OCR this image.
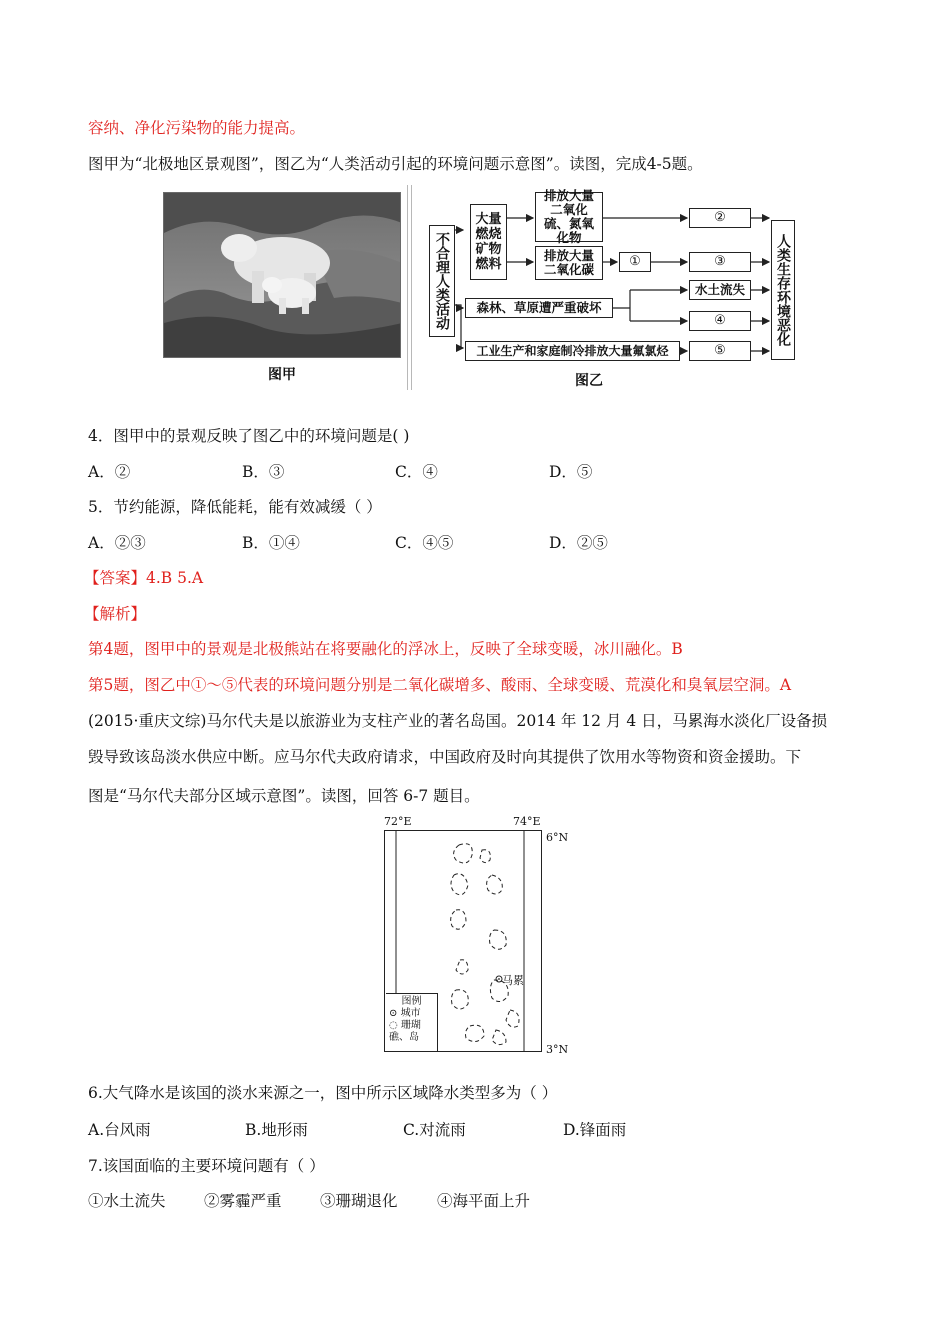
容纳、净化污染物的能力提高。
图甲为“北极地区景观图”，图乙为“人类活动引起的环境问题示意图”。读图，完成4-5题。
图甲
不合理人类活动
大量燃烧矿物燃料
排放大量二氧化硫、氮氧化物
排放大量二氧化碳
森林、草原遭严重破坏
工业生产和家庭制冷排放大量氟氯烃
①
②
③
水土流失
④
⑤
人类生存环境恶化
图乙
4．图甲中的景观反映了图乙中的环境问题是( )
A．②	B．③	C．④	D．⑤
5．节约能源，降低能耗，能有效减缓（ ）
A．②③	B．①④	C．④⑤	D．②⑤
【答案】4.B 5.A
【解析】
第4题，图甲中的景观是北极熊站在将要融化的浮冰上，反映了全球变暖，冰川融化。B
第5题，图乙中①～⑤代表的环境问题分别是二氧化碳增多、酸雨、全球变暖、荒漠化和臭氧层空洞。A
(2015·重庆文综)马尔代夫是以旅游业为支柱产业的著名岛国。2014 年 12 月 4 日，马累海水淡化厂设备损
毁导致该岛淡水供应中断。应马尔代夫政府请求，中国政府及时向其提供了饮用水等物资和资金援助。下
图是“马尔代夫部分区域示意图”。读图，回答 6-7 题目。
72°E	74°E
6°N
3°N
马累
图例
⊙ 城市
◌ 珊瑚礁、岛
6.大气降水是该国的淡水来源之一，图中所示区域降水类型多为（ ）
A.台风雨	B.地形雨	C.对流雨	D.锋面雨
7.该国面临的主要环境问题有（ ）
①水土流失 ②雾霾严重 ③珊瑚退化	④海平面上升
